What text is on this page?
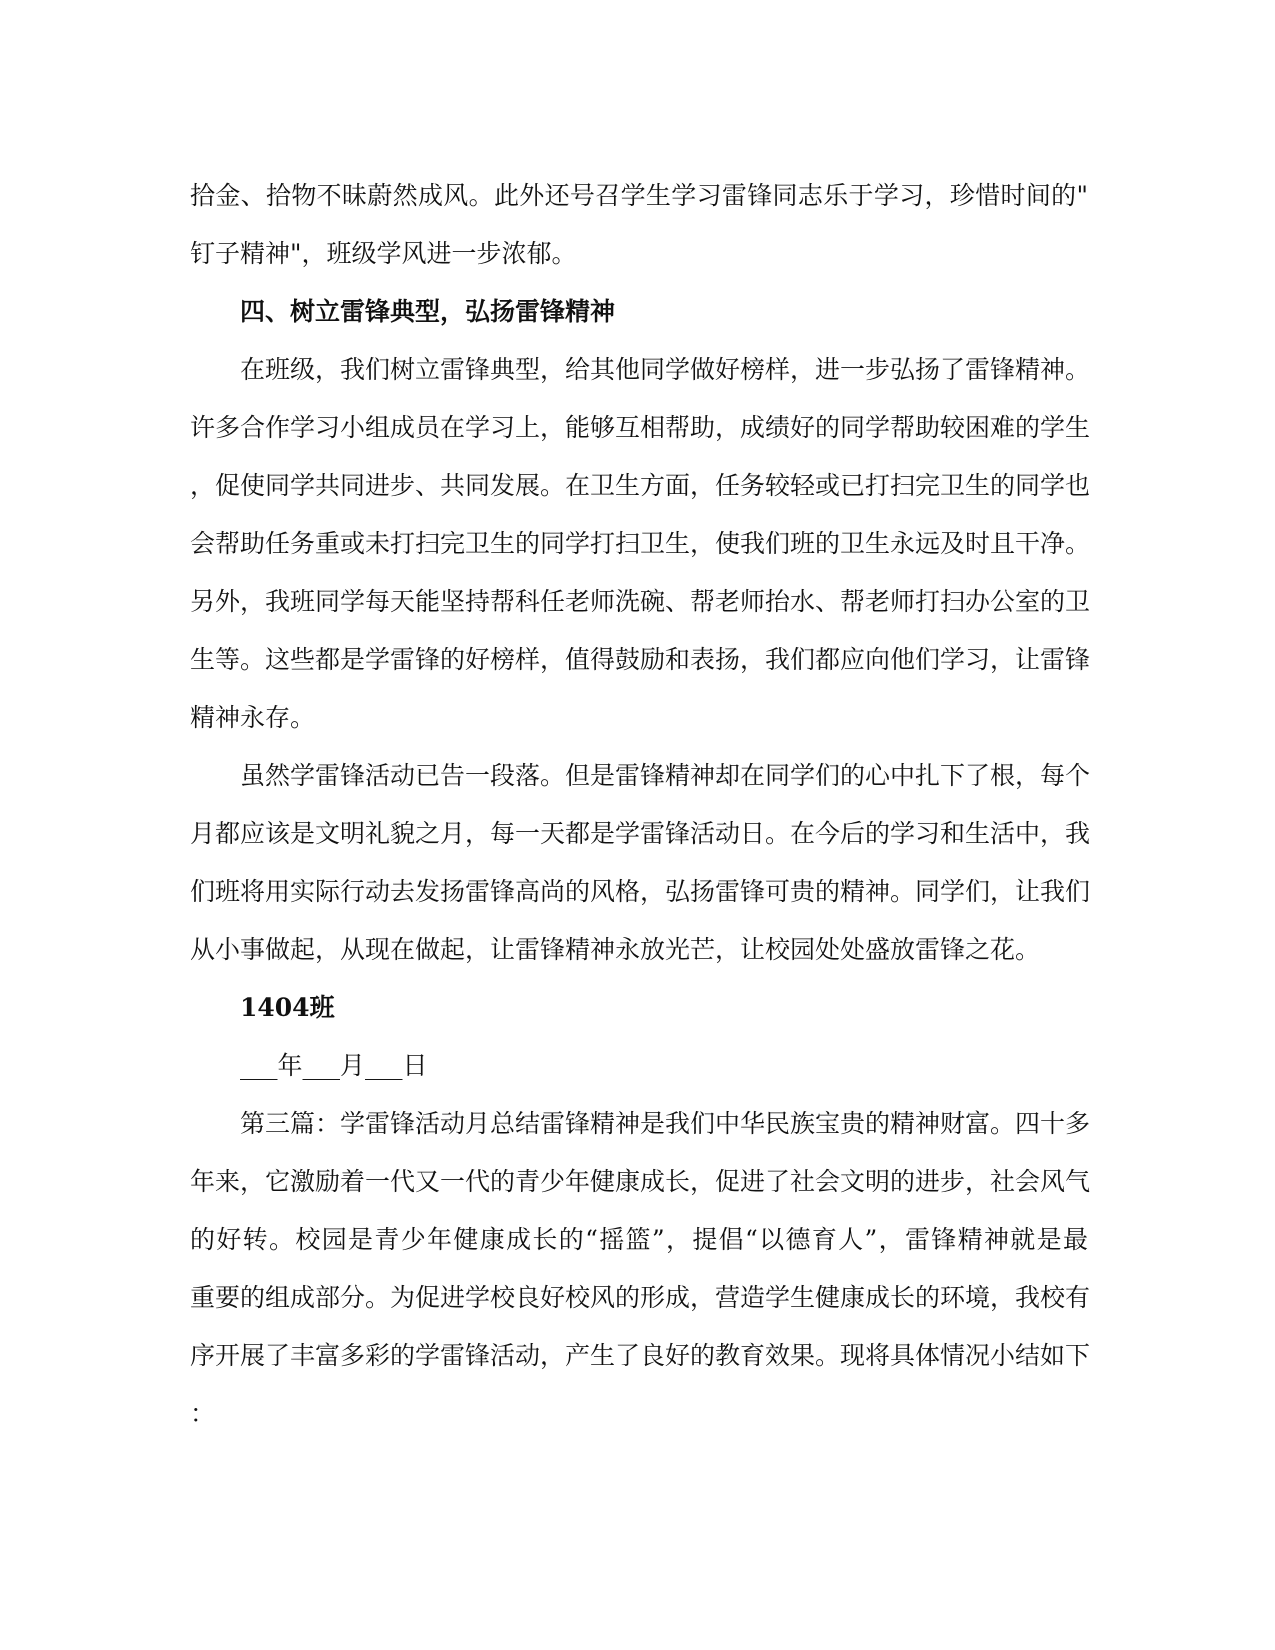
拾金、拾物不昧蔚然成风。此外还号召学生学习雷锋同志乐于学习，珍惜时间的"
钉子精神"，班级学风进一步浓郁。
四、树立雷锋典型，弘扬雷锋精神
在班级，我们树立雷锋典型，给其他同学做好榜样，进一步弘扬了雷锋精神。
许多合作学习小组成员在学习上，能够互相帮助，成绩好的同学帮助较困难的学生
，促使同学共同进步、共同发展。在卫生方面，任务较轻或已打扫完卫生的同学也
会帮助任务重或未打扫完卫生的同学打扫卫生，使我们班的卫生永远及时且干净。
另外，我班同学每天能坚持帮科任老师洗碗、帮老师抬水、帮老师打扫办公室的卫
生等。这些都是学雷锋的好榜样，值得鼓励和表扬，我们都应向他们学习，让雷锋
精神永存。
虽然学雷锋活动已告一段落。但是雷锋精神却在同学们的心中扎下了根，每个
月都应该是文明礼貌之月，每一天都是学雷锋活动日。在今后的学习和生活中，我
们班将用实际行动去发扬雷锋高尚的风格，弘扬雷锋可贵的精神。同学们，让我们
从小事做起，从现在做起，让雷锋精神永放光芒，让校园处处盛放雷锋之花。
1404班
___年___月___日
第三篇：学雷锋活动月总结雷锋精神是我们中华民族宝贵的精神财富。四十多
年来，它激励着一代又一代的青少年健康成长，促进了社会文明的进步，社会风气
的好转。校园是青少年健康成长的“摇篮”，提倡“以德育人”，雷锋精神就是最
重要的组成部分。为促进学校良好校风的形成，营造学生健康成长的环境，我校有
序开展了丰富多彩的学雷锋活动，产生了良好的教育效果。现将具体情况小结如下
：
